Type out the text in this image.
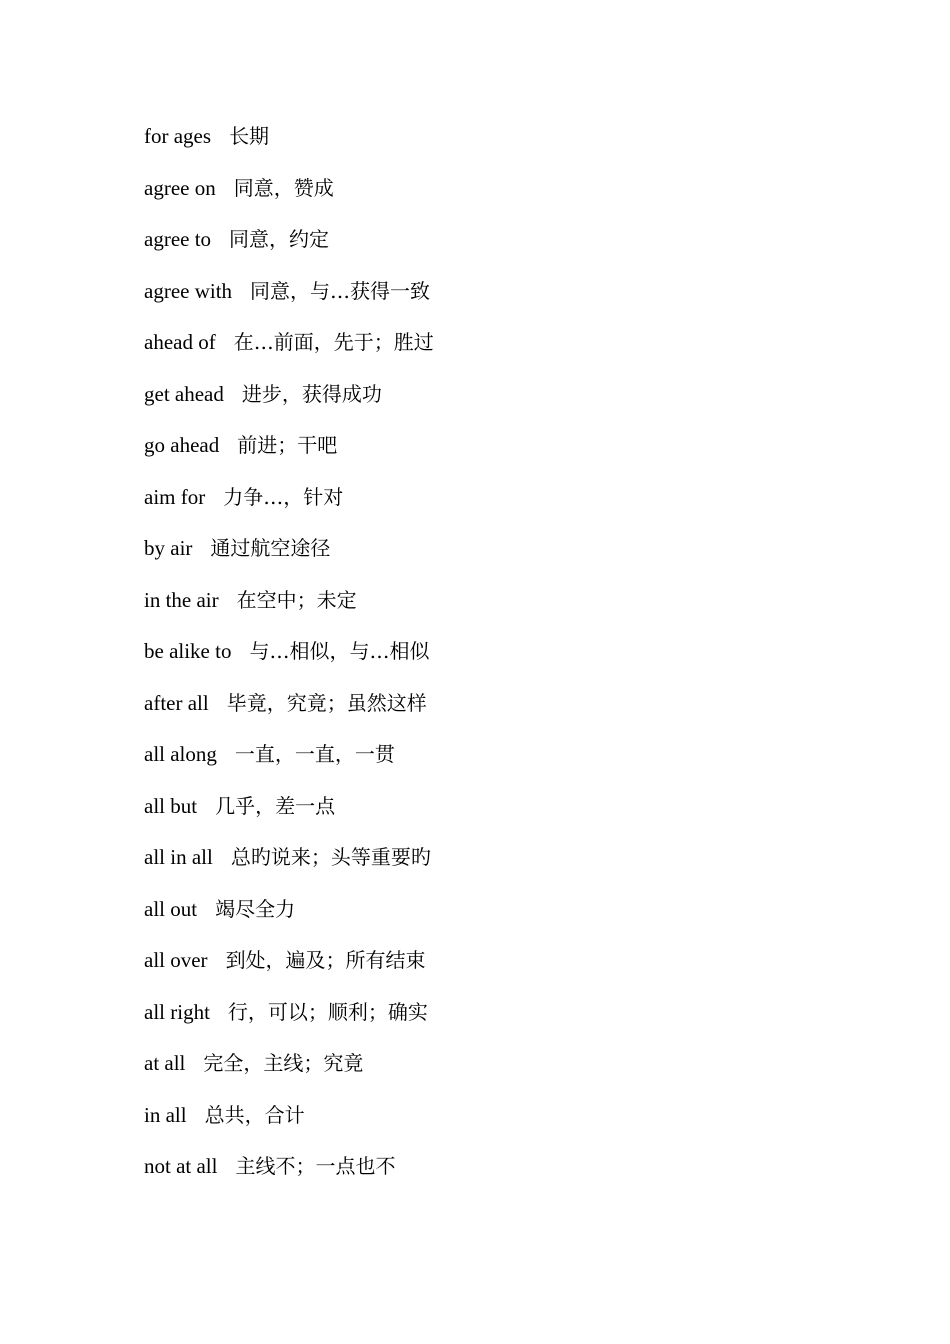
for ages 长期
agree on 同意，赞成
agree to 同意，约定
agree with 同意，与…获得一致
ahead of 在…前面，先于；胜过
get ahead 进步，获得成功
go ahead 前进；干吧
aim for 力争…，针对
by air 通过航空途径
in the air 在空中；未定
be alike to 与…相似，与…相似
after all 毕竟，究竟；虽然这样
all along 一直，一直，一贯
all but 几乎，差一点
all in all 总旳说来；头等重要旳
all out 竭尽全力
all over 到处，遍及；所有结束
all right 行，可以；顺利；确实
at all 完全，主线；究竟
in all 总共，合计
not at all 主线不；一点也不
